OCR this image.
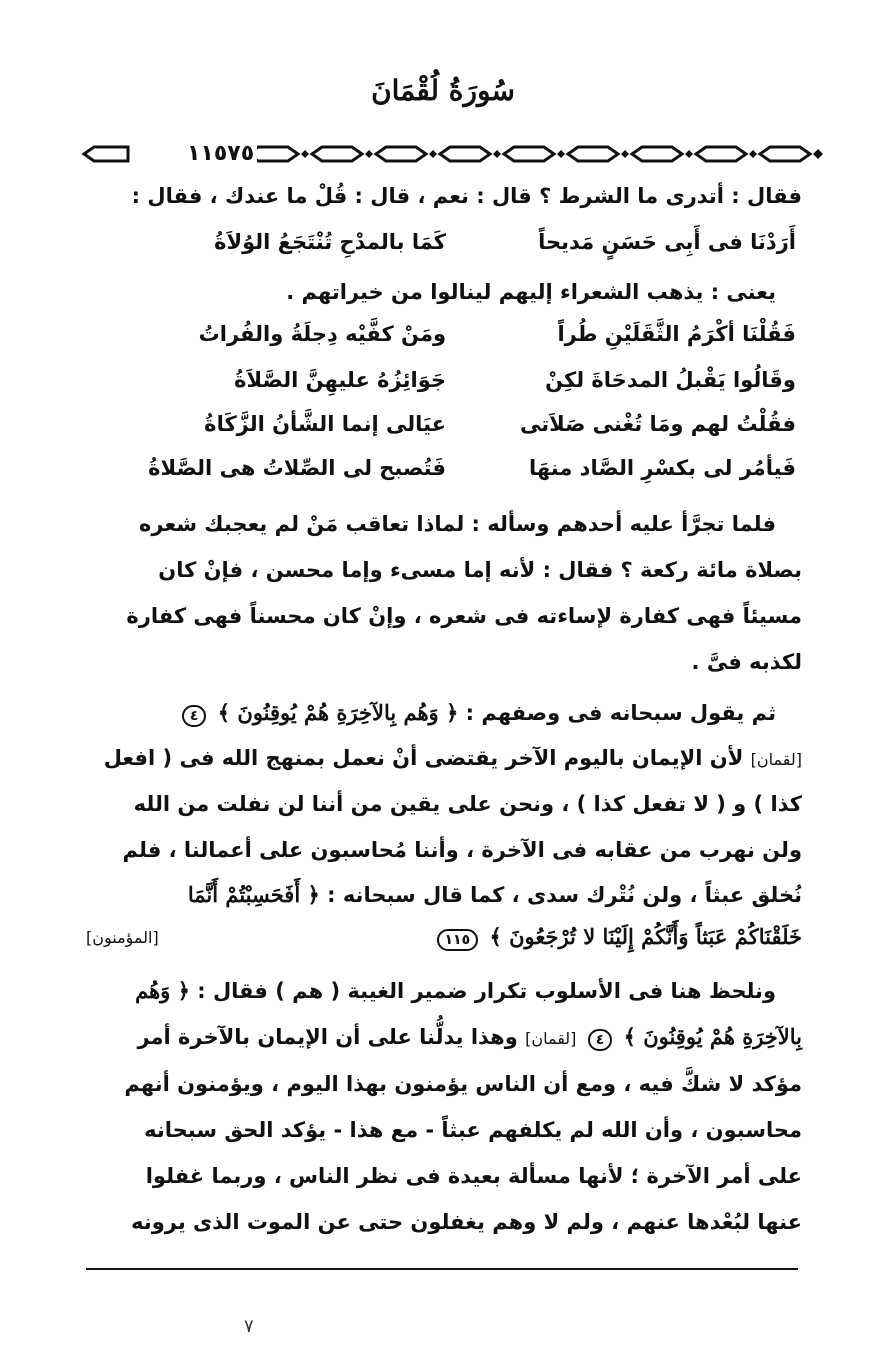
سُورَةُ لُقْمَانَ
١١٥٧٥
فقال : أتدرى ما الشرط ؟ قال : نعم ، قال : قُلْ ما عندك ، فقال :
أَرَدْنَا فى أَبِى حَسَنٍ مَديحاً
كَمَا بالمدْحِ تُنْتَجَعُ الوُلاَةُ
يعنى : يذهب الشعراء إليهم لينالوا من خيراتهم .
فَقُلْنَا أكْرَمُ الثَّقَلَيْنِ طُراً
ومَنْ كفَّيْه دِجلَةُ والفُراتُ
وقَالُوا يَقْبلُ المدحَاةَ لكِنْ
جَوَائِزُهُ عليهِنَّ الصَّلاَةُ
فقُلْتُ لهم ومَا تُغْنى صَلاَتى
عيَالى إنما الشَّأنُ الزَّكَاةُ
فَيأمُر لى بكسْرِ الصَّاد منهَا
فَتُصبح لى الصِّلاتُ هى الصَّلاةُ
فلما تجرَّأ عليه أحدهم وسأله : لماذا تعاقب مَنْ لم يعجبك شعره
بصلاة مائة ركعة ؟ فقال : لأنه إما مسىء وإما محسن ، فإنْ كان
مسيئاً فهى كفارة لإساءته فى شعره ، وإنْ كان محسناً فهى كفارة
لكذبه فىَّ .
ثم يقول سبحانه فى وصفهم : ﴿ وَهُم بِالآخِرَةِ هُمْ يُوقِنُونَ ﴾ ٤
[لقمان] لأن الإيمان باليوم الآخر يقتضى أنْ نعمل بمنهج الله فى ( افعل
كذا ) و ( لا تفعل كذا ) ، ونحن على يقين من أننا لن نفلت من الله
ولن نهرب من عقابه فى الآخرة ، وأننا مُحاسبون على أعمالنا ، فلم
نُخلق عبثاً ، ولن نُتْرك سدى ، كما قال سبحانه : ﴿ أَفَحَسِبْتُمْ أَنَّمَا
خَلَقْنَاكُمْ عَبَثاً وَأَنَّكُمْ إِلَيْنَا لا تُرْجَعُونَ ﴾ ١١٥
[المؤمنون]
ونلحظ هنا فى الأسلوب تكرار ضمير الغيبة ( هم ) فقال : ﴿ وَهُم
بِالآخِرَةِ هُمْ يُوقِنُونَ ﴾ ٤ [لقمان] وهذا يدلُّنا على أن الإيمان بالآخرة أمر
مؤكد لا شكَّ فيه ، ومع أن الناس يؤمنون بهذا اليوم ، ويؤمنون أنهم
محاسبون ، وأن الله لم يكلفهم عبثاً - مع هذا - يؤكد الحق سبحانه
على أمر الآخرة ؛ لأنها مسألة بعيدة فى نظر الناس ، وربما غفلوا
عنها لبُعْدها عنهم ، ولم لا وهم يغفلون حتى عن الموت الذى يرونه
٧
